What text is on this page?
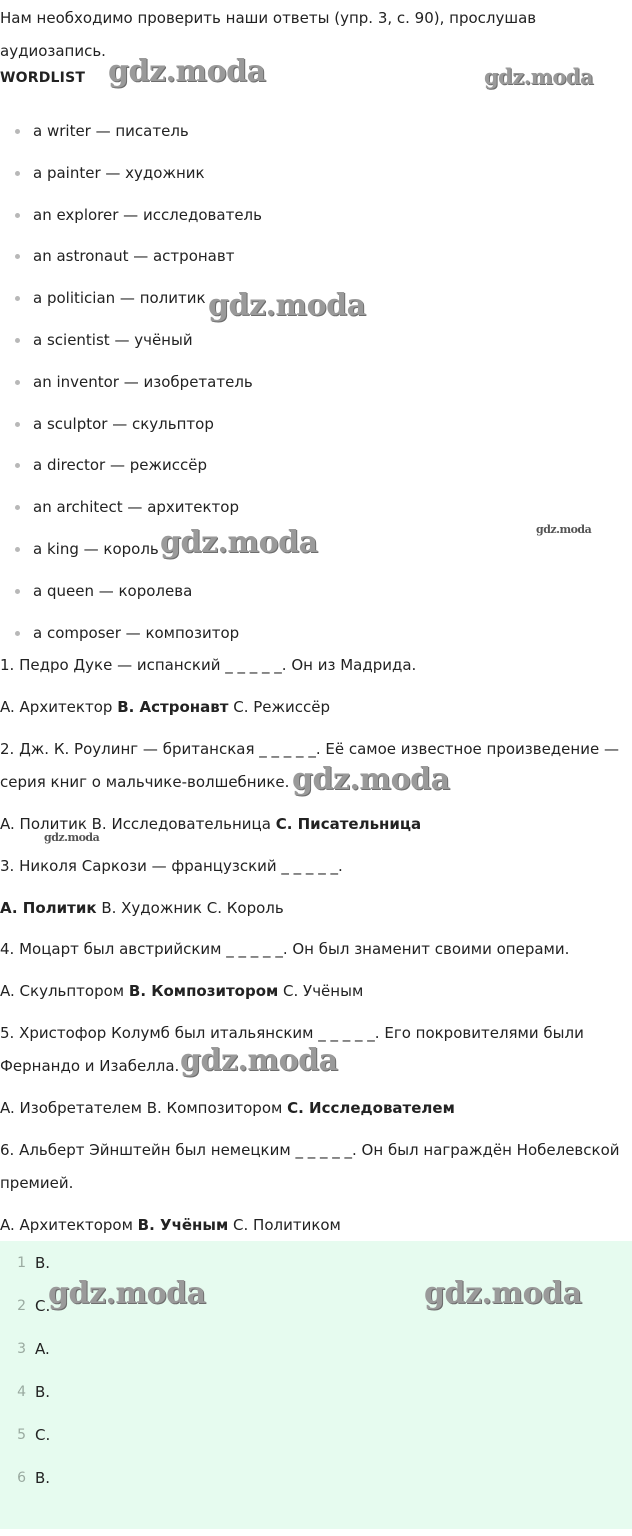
Нам необходимо проверить наши ответы (упр. 3, с. 90), прослушав аудиозапись.

WORDLIST
a writer — писатель
a painter — художник
an explorer — исследователь
an astronaut — астронавт
a politician — политик
a scientist — учёный
an inventor — изобретатель
a sculptor — скульптор
a director — режиссёр
an architect — архитектор
a king — король
a queen — королева
a composer — композитор

1. Педро Дуке — испанский _ _ _ _ _. Он из Мадрида.

A. Архитектор B. Астронавт C. Режиссёр

2. Дж. К. Роулинг — британская _ _ _ _ _. Её самое известное произведение — серия книг о мальчике-волшебнике.

A. Политик B. Исследовательница C. Писательница

3. Николя Саркози — французский _ _ _ _ _.

A. Политик B. Художник C. Король

4. Моцарт был австрийским _ _ _ _ _. Он был знаменит своими операми.

A. Скульптором B. Композитором C. Учёным

5. Христофор Колумб был итальянским _ _ _ _ _. Его покровителями были Фернандо и Изабелла.

A. Изобретателем B. Композитором C. Исследователем

6. Альберт Эйнштейн был немецким _ _ _ _ _. Он был награждён Нобелевской премией.

A. Архитектором B. Учёным C. Политиком

1 B.
2 C.
3 A.
4 B.
5 C.
6 B.
gdz.moda	gdz.moda
gdz.moda
gdz.moda
gdz.moda
gdz.moda
gdz.moda
gdz.moda
gdz.moda	gdz.moda
